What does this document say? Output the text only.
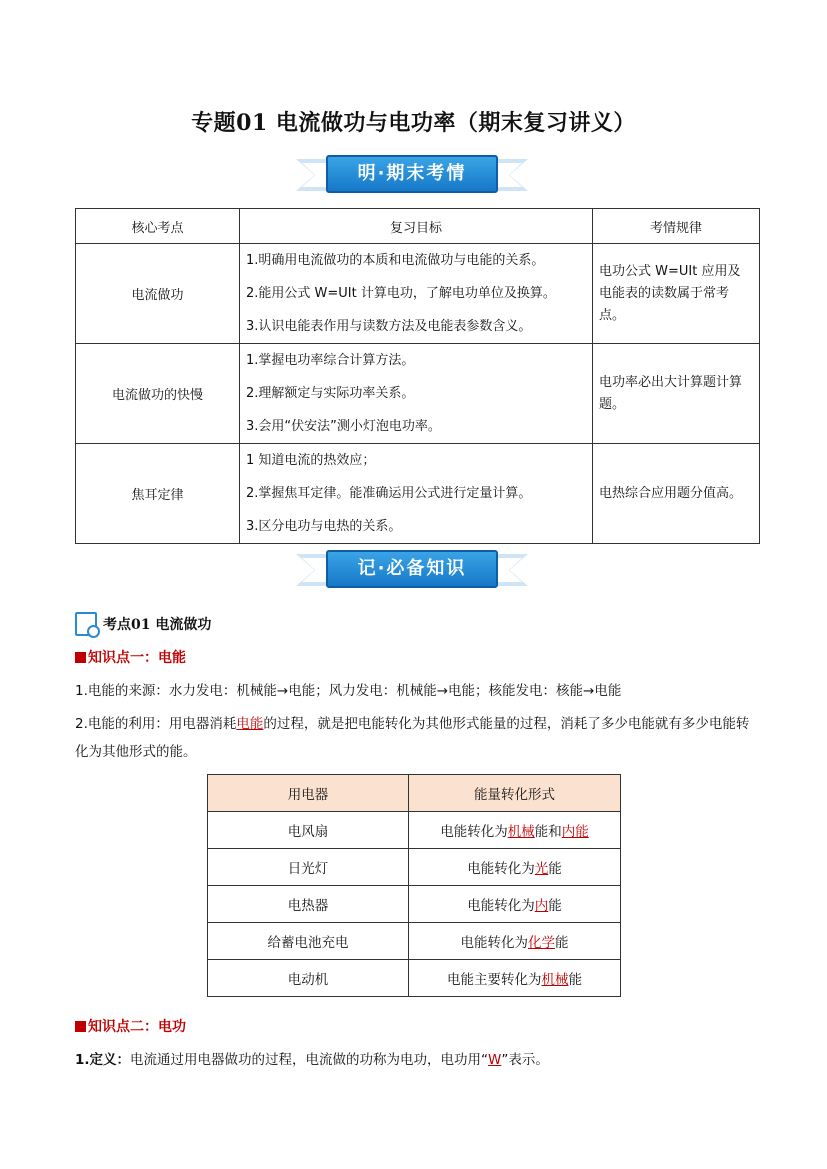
专题01 电流做功与电功率（期末复习讲义）
明·期末考情
核心考点	复习目标	考情规律
电流做功	1.明确用电流做功的本质和电流做功与电能的关系。

2.能用公式 W=UIt 计算电功，了解电功单位及换算。

3.认识电能表作用与读数方法及电能表参数含义。	电功公式 W=UIt 应用及电能表的读数属于常考点。
电流做功的快慢	1.掌握电功率综合计算方法。

2.理解额定与实际功率关系。

3.会用“伏安法”测小灯泡电功率。	电功率必出大计算题计算题。
焦耳定律	1 知道电流的热效应；

2.掌握焦耳定律。能准确运用公式进行定量计算。

3.区分电功与电热的关系。	电热综合应用题分值高。
记·必备知识
考点01 电流做功
知识点一：电能
1.电能的来源：水力发电：机械能→电能；风力发电：机械能→电能；核能发电：核能→电能
2.电能的利用：用电器消耗电能的过程，就是把电能转化为其他形式能量的过程，消耗了多少电能就有多少电能转化为其他形式的能。
用电器	能量转化形式
电风扇	电能转化为机械能和内能
日光灯	电能转化为光能
电热器	电能转化为内能
给蓄电池充电	电能转化为化学能
电动机	电能主要转化为机械能
知识点二：电功
1.定义：电流通过用电器做功的过程，电流做的功称为电功，电功用“W”表示。
